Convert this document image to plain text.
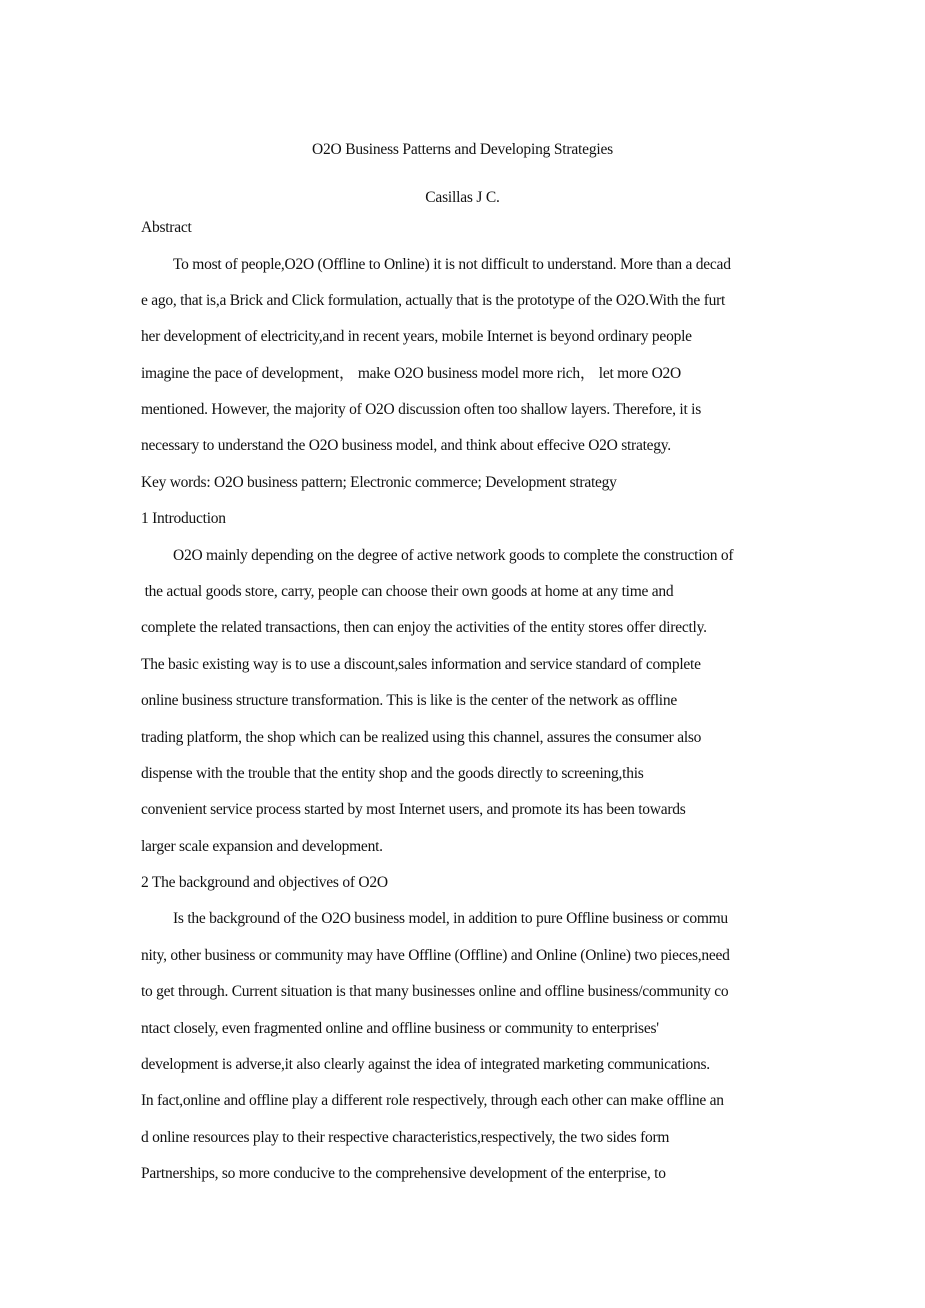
O2O Business Patterns and Developing Strategies
Casillas J C.
Abstract
To most of people,O2O (Offline to Online) it is not difficult to understand. More than a decad
e ago, that is,a Brick and Click formulation, actually that is the prototype of the O2O.With the furt
her development of electricity,and in recent years, mobile Internet is beyond ordinary people
imagine the pace of development， make O2O business model more rich， let more O2O
mentioned. However, the majority of O2O discussion often too shallow layers. Therefore, it is
necessary to understand the O2O business model, and think about effecive O2O strategy.
Key words: O2O business pattern; Electronic commerce; Development strategy
1 Introduction
O2O mainly depending on the degree of active network goods to complete the construction of
the actual goods store, carry, people can choose their own goods at home at any time and
complete the related transactions, then can enjoy the activities of the entity stores offer directly.
The basic existing way is to use a discount,sales information and service standard of complete
online business structure transformation. This is like is the center of the network as offline
trading platform, the shop which can be realized using this channel, assures the consumer also
dispense with the trouble that the entity shop and the goods directly to screening,this
convenient service process started by most Internet users, and promote its has been towards
larger scale expansion and development.
2 The background and objectives of O2O
Is the background of the O2O business model, in addition to pure Offline business or commu
nity, other business or community may have Offline (Offline) and Online (Online) two pieces,need
to get through. Current situation is that many businesses online and offline business/community co
ntact closely, even fragmented online and offline business or community to enterprises'
development is adverse,it also clearly against the idea of integrated marketing communications.
In fact,online and offline play a different role respectively, through each other can make offline an
d online resources play to their respective characteristics,respectively, the two sides form
Partnerships, so more conducive to the comprehensive development of the enterprise, to
